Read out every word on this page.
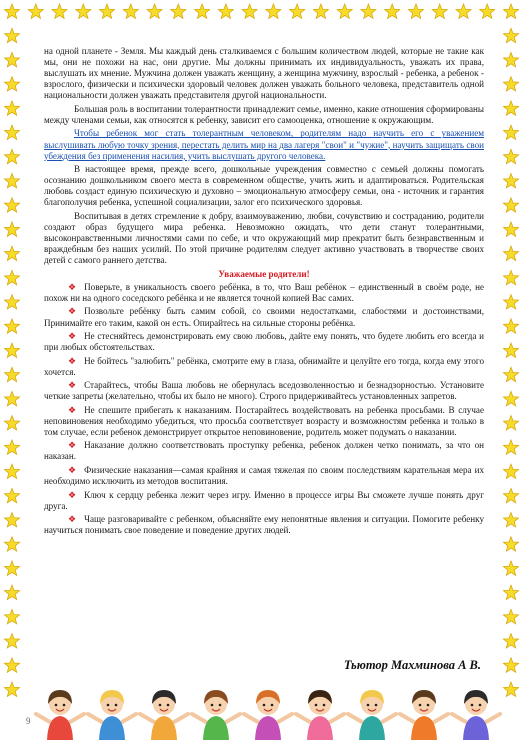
на одной планете - Земля. Мы каждый день сталкиваемся с большим количеством людей, которые не такие как мы, они не похожи на нас, они другие. Мы должны принимать их индивидуальность, уважать их права, выслушать их мнение. Мужчина должен уважать женщину, а женщина мужчину, взрослый - ребенка, а ребенок - взрослого, физически и психически здоровый человек должен уважать больного человека, представитель одной национальности должен уважать представителя другой национальности.

Большая роль в воспитании толерантности принадлежит семье, именно, какие отношения сформированы между членами семьи, как относятся к ребенку, зависит его самооценка, отношение к окружающим.

Чтобы ребенок мог стать толерантным человеком, родителям надо научить его с уважением выслушивать любую точку зрения, перестать делить мир на два лагеря "свои" и "чужие", научить защищать свои убеждения без применения насилия, учить выслушать другого человека.

В настоящее время, прежде всего, дошкольные учреждения совместно с семьей должны помогать осознанию дошкольником своего места в современном обществе, учить жить и адаптироваться. Родительская любовь создаст единую психическую и духовно – эмоциональную атмосферу семьи, она - источник и гарантия благополучия ребенка, успешной социализации, залог его психического здоровья.

Воспитывая в детях стремление к добру, взаимоуважению, любви, сочувствию и состраданию, родители создают образ будущего мира ребенка. Невозможно ожидать, что дети станут толерантными, высоконравственными личностями сами по себе, и что окружающий мир прекратит быть безнравственным и враждебным без наших усилий. По этой причине родителям следует активно участвовать в творчестве своих детей с самого раннего детства.

Уважаемые родители!

❖ Поверьте, в уникальность своего ребёнка, в то, что Ваш ребёнок – единственный в своём роде, не похож ни на одного соседского ребёнка и не является точной копией Вас самих.

❖ Позвольте ребёнку быть самим собой, со своими недостатками, слабостями и достоинствами, Принимайте его таким, какой он есть. Опирайтесь на сильные стороны ребёнка.

❖ Не стесняйтесь демонстрировать ему свою любовь, дайте ему понять, что будете любить его всегда и при любых обстоятельствах.

❖ Не бойтесь "залюбить" ребёнка, смотрите ему в глаза, обнимайте и целуйте его тогда, когда ему этого хочется.

❖ Старайтесь, чтобы Ваша любовь не обернулась вседозволенностью и безнадзорностью. Установите четкие запреты (желательно, чтобы их было не много). Строго придерживайтесь установленных запретов.

❖ Не спешите прибегать к наказаниям. Постарайтесь воздействовать на ребенка просьбами. В случае неповиновения необходимо убедиться, что просьба соответствует возрасту и возможностям ребенка и только в том случае, если ребенок демонстрирует открытое неповиновение, родитель может подумать о наказании.

❖ Наказание должно соответствовать проступку ребенка, ребенок должен четко понимать, за что он наказан.

❖ Физические наказания—самая крайняя и самая тяжелая по своим последствиям карательная мера их необходимо исключить из методов воспитания.

❖ Ключ к сердцу ребенка лежит через игру. Именно в процессе игры Вы сможете лучше понять друг друга.

❖ Чаще разговаривайте с ребенком, объясняйте ему непонятные явления и ситуации. Помогите ребенку научиться понимать свое поведение и поведение других людей.

Тьютор Махминова А В.
9
